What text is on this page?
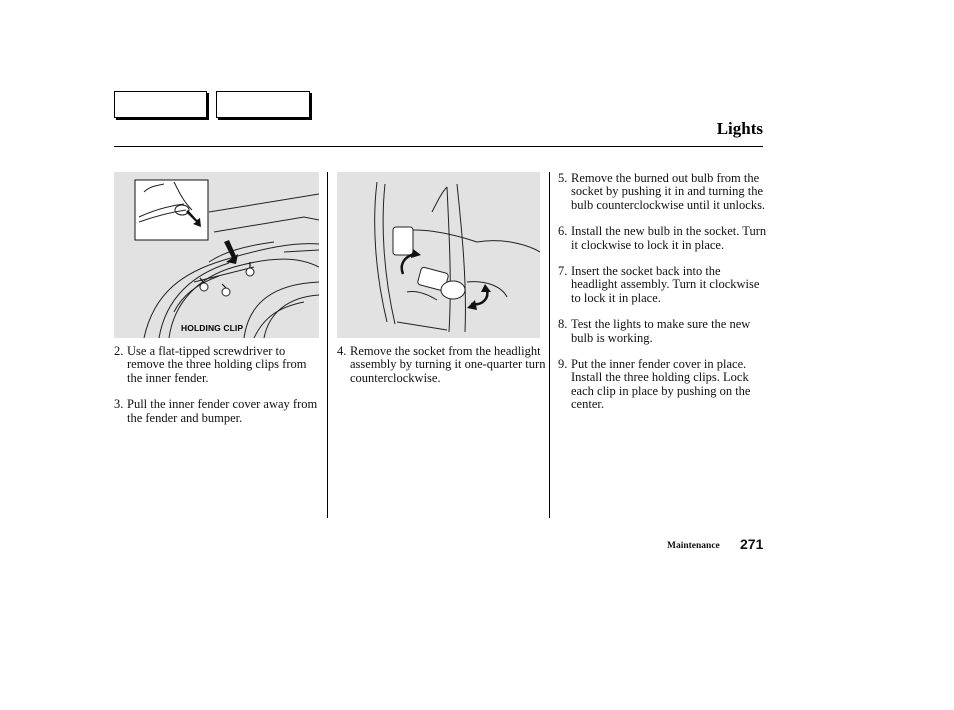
Lights
HOLDING CLIP
2. Use a flat-tipped screwdriver to remove the three holding clips from the inner fender.
3. Pull the inner fender cover away from the fender and bumper.
4. Remove the socket from the headlight assembly by turning it one-quarter turn counterclockwise.
5. Remove the burned out bulb from the socket by pushing it in and turning the bulb counterclockwise until it unlocks.
6. Install the new bulb in the socket. Turn it clockwise to lock it in place.
7. Insert the socket back into the headlight assembly. Turn it clockwise to lock it in place.
8. Test the lights to make sure the new bulb is working.
9. Put the inner fender cover in place. Install the three holding clips. Lock each clip in place by pushing on the center.
Maintenance 271
